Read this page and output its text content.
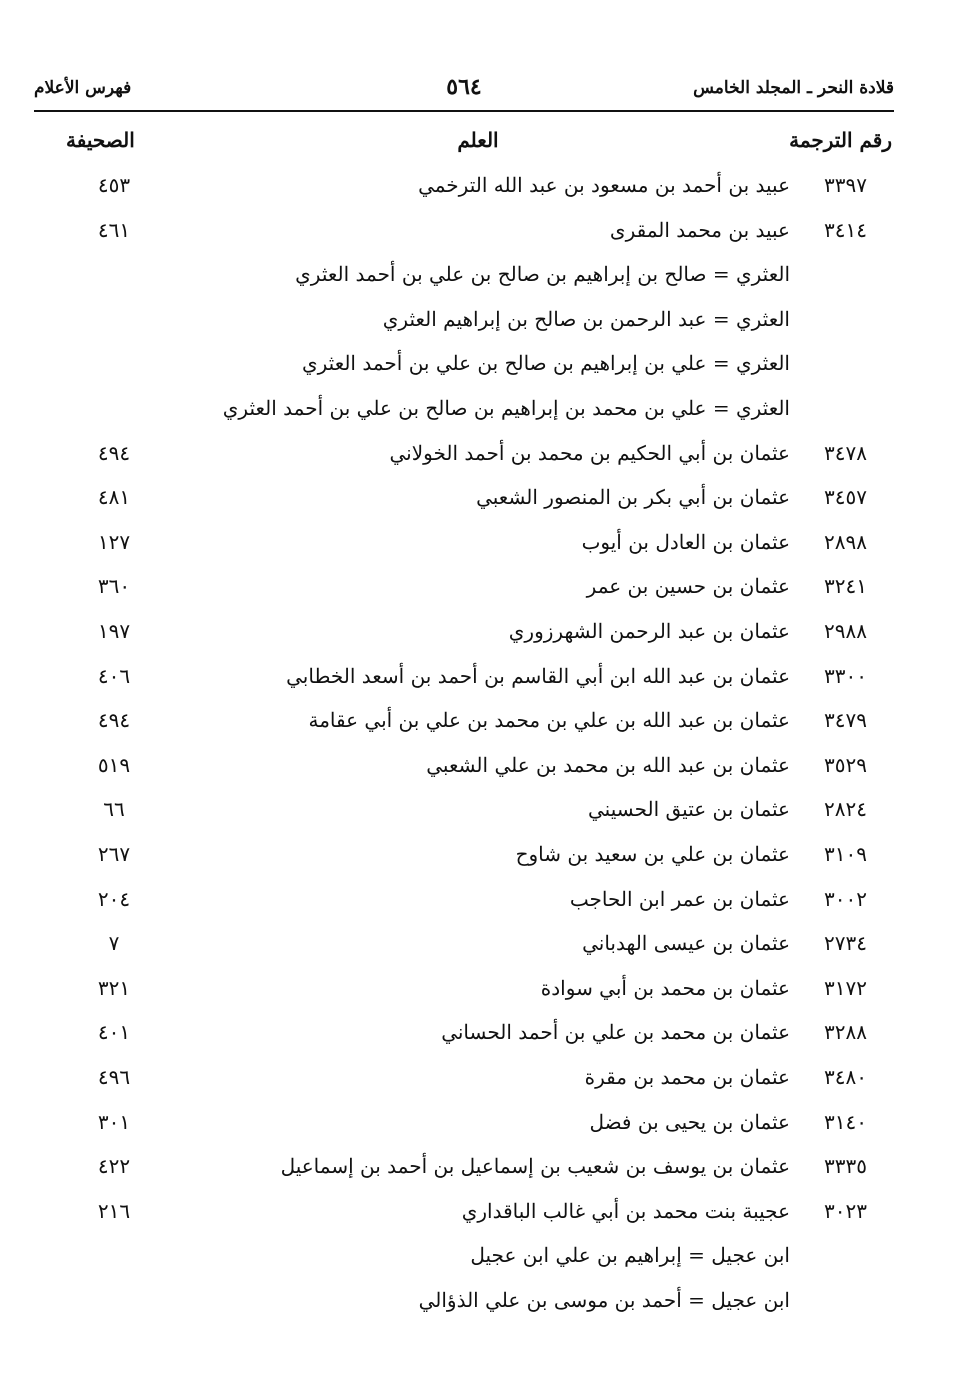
قلادة النحر ـ المجلد الخامس
٥٦٤
فهرس الأعلام
رقم الترجمة
العلم
الصحيفة
٣٣٩٧
عبيد بن أحمد بن مسعود بن عبد الله الترخمي
٤٥٣
٣٤١٤
عبيد بن محمد المقرى
٤٦١
العثري = صالح بن إبراهيم بن صالح بن علي بن أحمد العثري
العثري = عبد الرحمن بن صالح بن إبراهيم العثري
العثري = علي بن إبراهيم بن صالح بن علي بن أحمد العثري
العثري = علي بن محمد بن إبراهيم بن صالح بن علي بن أحمد العثري
٣٤٧٨
عثمان بن أبي الحكيم بن محمد بن أحمد الخولاني
٤٩٤
٣٤٥٧
عثمان بن أبي بكر بن المنصور الشعبي
٤٨١
٢٨٩٨
عثمان بن العادل بن أيوب
١٢٧
٣٢٤١
عثمان بن حسين بن عمر
٣٦٠
٢٩٨٨
عثمان بن عبد الرحمن الشهرزوري
١٩٧
٣٣٠٠
عثمان بن عبد الله ابن أبي القاسم بن أحمد بن أسعد الخطابي
٤٠٦
٣٤٧٩
عثمان بن عبد الله بن علي بن محمد بن علي بن أبي عقامة
٤٩٤
٣٥٢٩
عثمان بن عبد الله بن محمد بن علي الشعبي
٥١٩
٢٨٢٤
عثمان بن عتيق الحسيني
٦٦
٣١٠٩
عثمان بن علي بن سعيد بن شاوح
٢٦٧
٣٠٠٢
عثمان بن عمر ابن الحاجب
٢٠٤
٢٧٣٤
عثمان بن عيسى الهدباني
٧
٣١٧٢
عثمان بن محمد بن أبي سوادة
٣٢١
٣٢٨٨
عثمان بن محمد بن علي بن أحمد الحساني
٤٠١
٣٤٨٠
عثمان بن محمد بن مقرة
٤٩٦
٣١٤٠
عثمان بن يحيى بن فضل
٣٠١
٣٣٣٥
عثمان بن يوسف بن شعيب بن إسماعيل بن أحمد بن إسماعيل
٤٢٢
٣٠٢٣
عجيبة بنت محمد بن أبي غالب الباقداري
٢١٦
ابن عجيل = إبراهيم بن علي ابن عجيل
ابن عجيل = أحمد بن موسى بن علي الذؤالي
